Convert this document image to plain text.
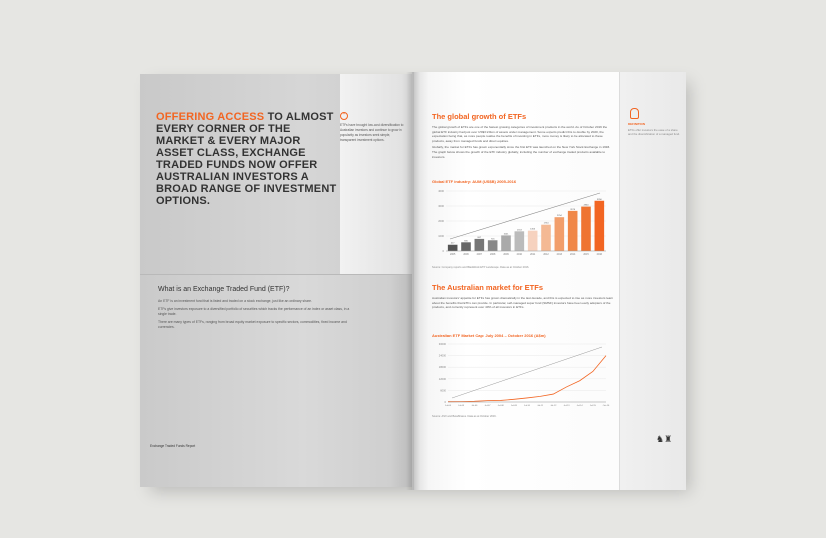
OFFERING ACCESS TO ALMOST EVERY CORNER OF THE MARKET & EVERY MAJOR ASSET CLASS, EXCHANGE TRADED FUNDS NOW OFFER AUSTRALIAN INVESTORS A BROAD RANGE OF INVESTMENT OPTIONS.
“
ETFs have brought low-cost diversification to Australian investors and continue to grow in popularity as investors seek simple, transparent investment options.
What is an Exchange Traded Fund (ETF)?

An ETF is an investment fund that is listed and traded on a stock exchange, just like an ordinary share.

ETFs give investors exposure to a diversified portfolio of securities which tracks the performance of an index or asset class, in a single trade.

There are many types of ETFs, ranging from broad equity market exposure to specific sectors, commodities, fixed income and currencies.

Exchange Traded Funds Report
DEFINITION
ETFs offer investors the ease of a share and the diversification of a managed fund.
♞♜
The global growth of ETFs

The global growth of ETFs are one of the fastest growing categories of investment products in the world. As of October 2016 the global ETF industry had just over US$3 trillion of assets under management. Some experts predict this to double by 2020, the expectation being that, as more people realise the benefits of investing in ETFs, more money is likely to be allocated to these products, away from managed funds and direct equities.

Globally, the market for ETFs has grown exponentially since the first ETF was launched on the New York Stock Exchange in 1993. The graph below shows the growth of the ETF industry globally, including the number of exchange traded products available to investors.

Global ETF industry: AUM (US$B) 2005-2016
0
1000
2000
3000
4000
417
2005
580
2006
807
2007
716
2008
1041
2009
1313
2010
1355
2011
1754
2012
2254
2013
2676
2014
2960
2015
3350
2016
Source: Company reports and BlackRock ETP Landscape. Data as at October 2016.
The Australian market for ETFs

Australian investors' appetite for ETFs has grown dramatically in the last decade, and this is expected to rise as more investors learn about the benefits that ETFs can provide. In particular, self-managed super fund (SMSF) investors have been early adopters of the products, and currently represent over 40% of all investors in ETFs.

Australian ETF Market Cap: July 2004 – October 2016 (A$m)
0
6000
12000
18000
24000
30000
Jul-04	Jul-05	Jul-06	Jul-07	Jul-08	Jul-09	Jul-10	Jul-11	Jul-12	Jul-13	Jul-14	Jul-15	Oct-16
Source: ASX and BetaShares. Data as at October 2016.
